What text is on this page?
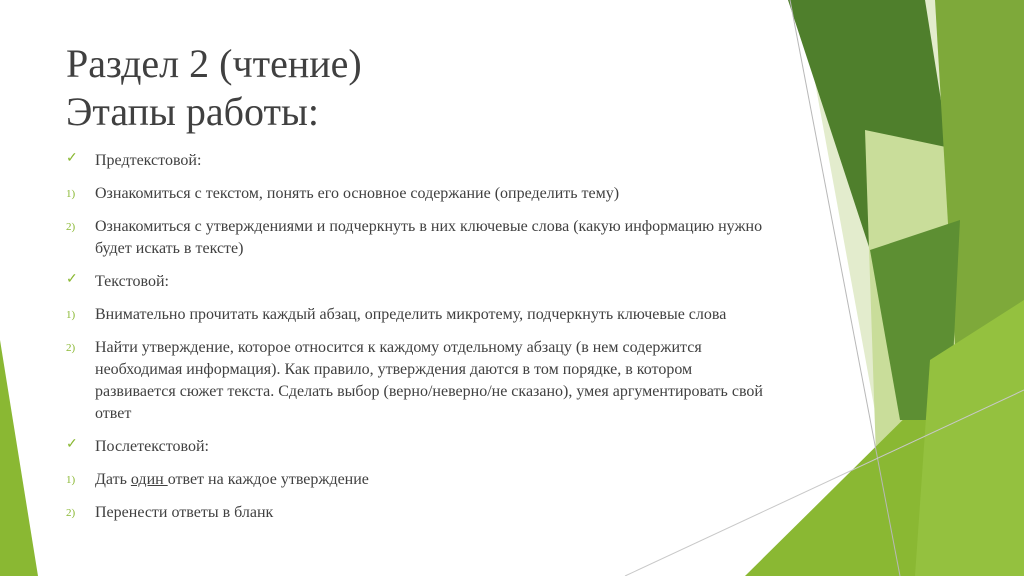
Раздел 2 (чтение)
Этапы работы:
✓ Предтекстовой:
1) Ознакомиться с текстом, понять его основное содержание (определить тему)
2) Ознакомиться с утверждениями и подчеркнуть в них ключевые слова (какую информацию нужно будет искать в тексте)
✓ Текстовой:
1) Внимательно прочитать каждый абзац, определить микротему, подчеркнуть ключевые слова
2) Найти утверждение, которое относится к каждому отдельному абзацу (в нем содержится необходимая информация). Как правило, утверждения даются в том порядке, в котором развивается сюжет текста. Сделать выбор (верно/неверно/не сказано), умея аргументировать свой ответ
✓ Послетекстовой:
1) Дать один ответ на каждое утверждение
2) Перенести ответы в бланк
